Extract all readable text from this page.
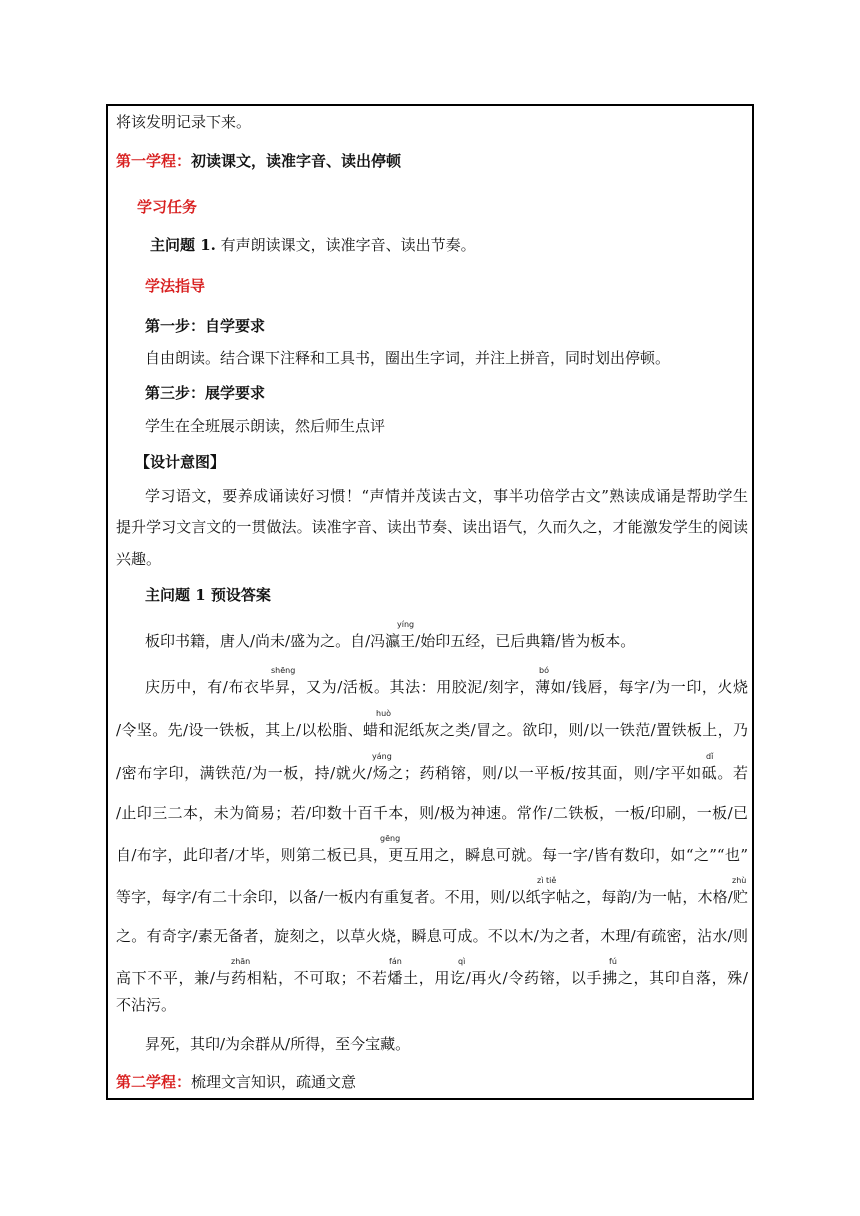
将该发明记录下来。
第一学程：初读课文，读准字音、读出停顿
学习任务
主问题 1. 有声朗读课文，读准字音、读出节奏。
学法指导
第一步：自学要求
自由朗读。结合课下注释和工具书，圈出生字词，并注上拼音，同时划出停顿。
第三步：展学要求
学生在全班展示朗读，然后师生点评
【设计意图】
学习语文，要养成诵读好习惯！“声情并茂读古文，事半功倍学古文”熟读成诵是帮助学生
提升学习文言文的一贯做法。读准字音、读出节奏、读出语气，久而久之，才能激发学生的阅读
兴趣。
主问题 1 预设答案
板印书籍，唐人/尚未/盛为之。自/冯瀛王/始印五经，已后典籍/皆为板本。
庆历中，有/布衣毕昇，又为/活板。其法：用胶泥/刻字，薄如/钱唇，每字/为一印，火烧
/令坚。先/设一铁板，其上/以松脂、蜡和泥纸灰之类/冒之。欲印，则/以一铁范/置铁板上，乃
/密布字印，满铁范/为一板，持/就火/炀之；药稍镕，则/以一平板/按其面，则/字平如砥。若
/止印三二本，未为简易；若/印数十百千本，则/极为神速。常作/二铁板，一板/印刷，一板/已
自/布字，此印者/才毕，则第二板已具，更互用之，瞬息可就。每一字/皆有数印，如“之”“也”
等字，每字/有二十余印，以备/一板内有重复者。不用，则/以纸字帖之，每韵/为一帖，木格/贮
之。有奇字/素无备者，旋刻之，以草火烧，瞬息可成。不以木/为之者，木理/有疏密，沾水/则
高下不平，兼/与药相粘，不可取；不若燔土，用讫/再火/令药镕，以手拂之，其印自落，殊/
不沾污。
昇死，其印/为余群从/所得，至今宝藏。
yíng
shēng	bó
huò
yáng	dǐ
gēng
zì tiě	zhù
zhān	fán	qì	fú
第二学程：梳理文言知识，疏通文意
